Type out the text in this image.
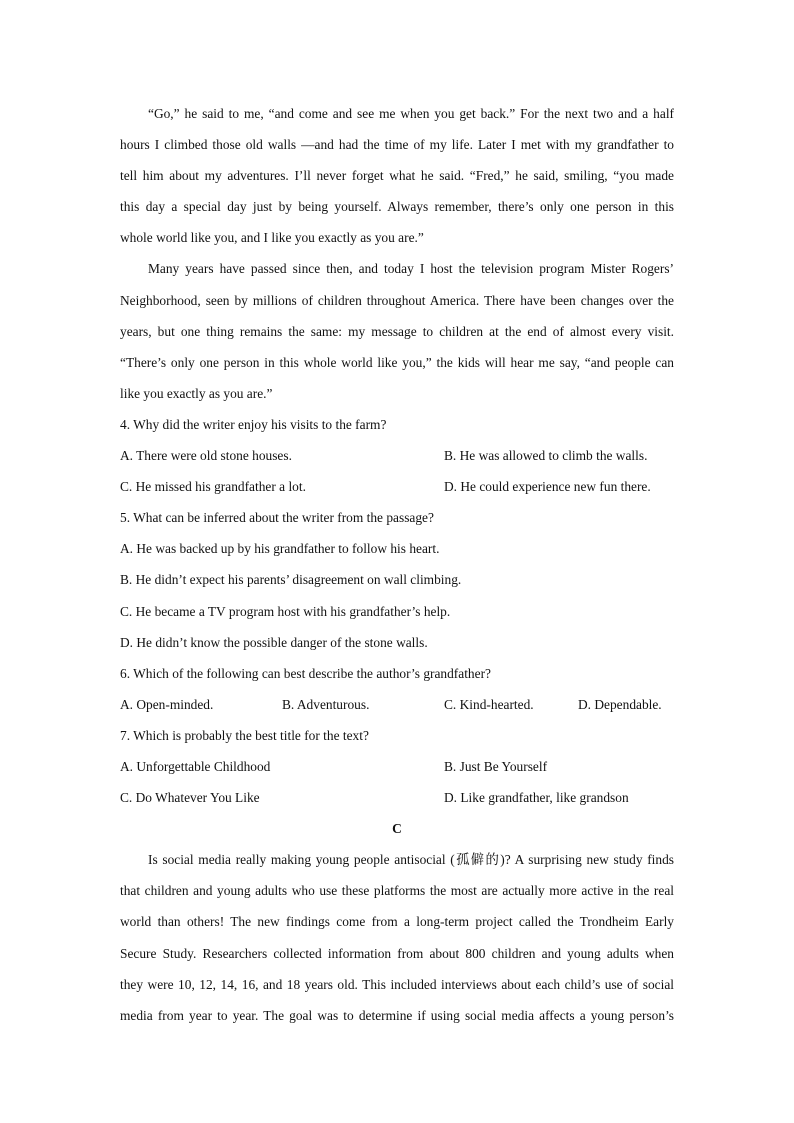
“Go,” he said to me, “and come and see me when you get back.” For the next two and a half
hours I climbed those old walls —and had the time of my life. Later I met with my grandfather to
tell him about my adventures. I’ll never forget what he said. “Fred,” he said, smiling, “you made
this day a special day just by being yourself. Always remember, there’s only one person in this
whole world like you, and I like you exactly as you are.”
Many years have passed since then, and today I host the television program Mister Rogers’
Neighborhood, seen by millions of children throughout America. There have been changes over the
years, but one thing remains the same: my message to children at the end of almost every visit.
“There’s only one person in this whole world like you,” the kids will hear me say, “and people can
like you exactly as you are.”
4. Why did the writer enjoy his visits to the farm?
A. There were old stone houses.	B. He was allowed to climb the walls.
C. He missed his grandfather a lot.	D. He could experience new fun there.
5. What can be inferred about the writer from the passage?
A. He was backed up by his grandfather to follow his heart.
B. He didn’t expect his parents’ disagreement on wall climbing.
C. He became a TV program host with his grandfather’s help.
D. He didn’t know the possible danger of the stone walls.
6. Which of the following can best describe the author’s grandfather?
A. Open-minded.	B. Adventurous.	C. Kind-hearted.	D. Dependable.
7. Which is probably the best title for the text?
A. Unforgettable Childhood	B. Just Be Yourself
C. Do Whatever You Like	D. Like grandfather, like grandson
C
Is social media really making young people antisocial (孤僻的)? A surprising new study finds
that children and young adults who use these platforms the most are actually more active in the real
world than others! The new findings come from a long-term project called the Trondheim Early
Secure Study. Researchers collected information from about 800 children and young adults when
they were 10, 12, 14, 16, and 18 years old. This included interviews about each child’s use of social
media from year to year. The goal was to determine if using social media affects a young person’s
